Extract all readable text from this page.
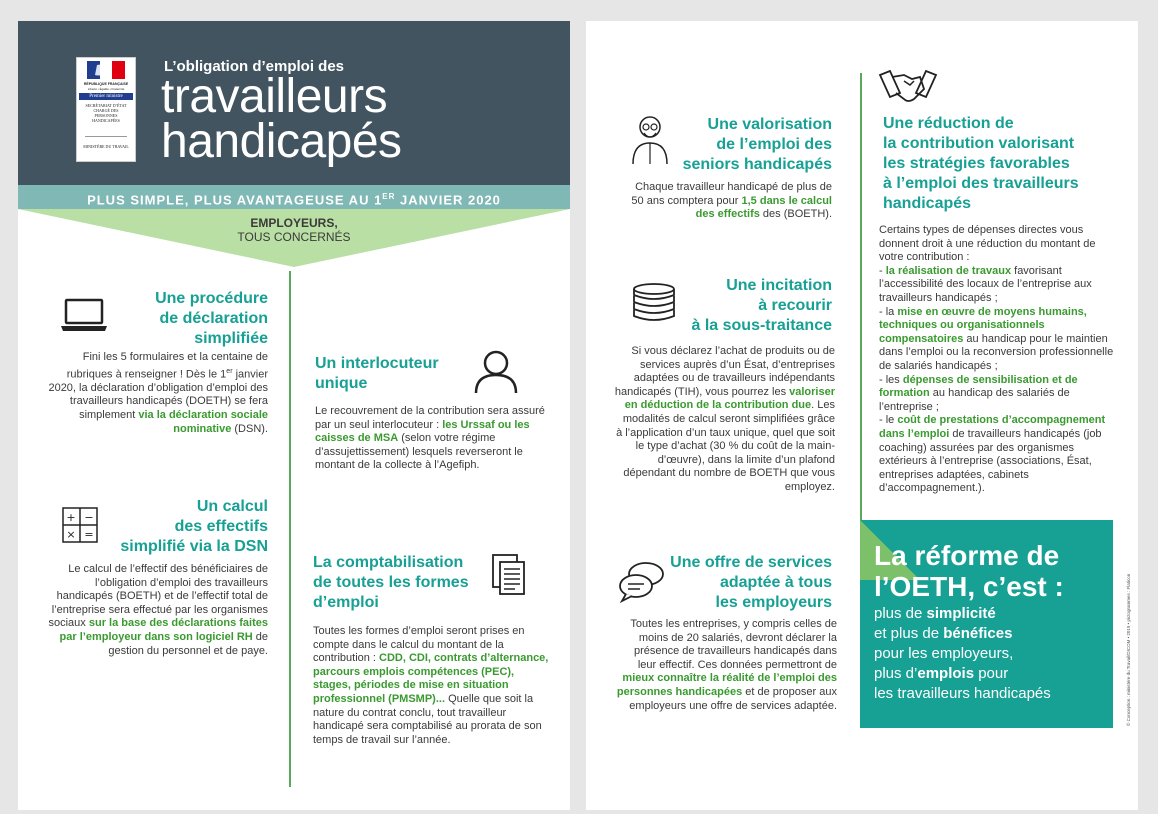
RÉPUBLIQUE FRANÇAISE
Liberté • Égalité • Fraternité
Premier ministre
SECRÉTARIAT D’ÉTAT CHARGÉ DES PERSONNES HANDICAPÉES
MINISTÈRE DU TRAVAIL
L’obligation d’emploi des
travailleurs
handicapés
PLUS SIMPLE, PLUS AVANTAGEUSE AU 1ER JANVIER 2020
EMPLOYEURS,
TOUS CONCERNÉS
Une procédure
de déclaration
simplifiée
Fini les 5 formulaires et la centaine de rubriques à renseigner ! Dès le 1er janvier 2020, la déclaration d’obligation d’emploi des travailleurs handicapés (DOETH) se fera simplement via la déclaration sociale nominative (DSN).
Un interlocuteur
unique
Le recouvrement de la contribution sera assuré par un seul interlocuteur : les Urssaf ou les caisses de MSA (selon votre régime d’assujettissement) lesquels reverseront le montant de la collecte à l’Agefiph.
+ −
× =
Un calcul
des effectifs
simplifié via la DSN
Le calcul de l’effectif des bénéficiaires de l’obligation d’emploi des travailleurs handicapés (BOETH) et de l’effectif total de l’entreprise sera effectué par les organismes sociaux sur la base des déclarations faites par l’employeur dans son logiciel RH de gestion du personnel et de paye.
La comptabilisation
de toutes les formes
d’emploi
Toutes les formes d’emploi seront prises en compte dans le calcul du montant de la contribution : CDD, CDI, contrats d’alternance, parcours emplois compétences (PEC), stages, périodes de mise en situation professionnel (PMSMP)... Quelle que soit la nature du contrat conclu, tout travailleur handicapé sera comptabilisé au prorata de son temps de travail sur l’année.
Une valorisation
de l’emploi des
seniors handicapés
Chaque travailleur handicapé de plus de 50 ans comptera pour 1,5 dans le calcul des effectifs des (BOETH).
Une incitation
à recourir
à la sous-traitance
Si vous déclarez l’achat de produits ou de services auprès d’un Ésat, d’entreprises adaptées ou de travailleurs indépendants handicapés (TIH), vous pourrez les valoriser en déduction de la contribution due. Les modalités de calcul seront simplifiées grâce à l’application d’un taux unique, quel que soit le type d’achat (30 % du coût de la main-d’œuvre), dans la limite d’un plafond dépendant du nombre de BOETH que vous employez.
Une offre de services
adaptée à tous
les employeurs
Toutes les entreprises, y compris celles de moins de 20 salariés, devront déclarer la présence de travailleurs handicapés dans leur effectif. Ces données permettront de mieux connaître la réalité de l’emploi des personnes handicapées et de proposer aux employeurs une offre de services adaptée.
Une réduction de
la contribution valorisant
les stratégies favorables
à l’emploi des travailleurs
handicapés
Certains types de dépenses directes vous donnent droit à une réduction du montant de votre contribution :
- la réalisation de travaux favorisant l’accessibilité des locaux de l’entreprise aux travailleurs handicapés ;
- la mise en œuvre de moyens humains, techniques ou organisationnels compensatoires au handicap pour le maintien dans l’emploi ou la reconversion professionnelle de salariés handicapés ;
- les dépenses de sensibilisation et de formation au handicap des salariés de l’entreprise ;
- le coût de prestations d’accompagnement dans l’emploi de travailleurs handicapés (job coaching) assurées par des organismes extérieurs à l’entreprise (associations, Ésat, entreprises adaptées, cabinets d’accompagnement.).
La réforme de
l’OETH, c’est :
plus de simplicité
et plus de bénéfices
pour les employeurs,
plus d’emplois pour
les travailleurs handicapés	© Conception : ministère du Travail/DICOM • 2019 • pictogrammes : Flaticon
